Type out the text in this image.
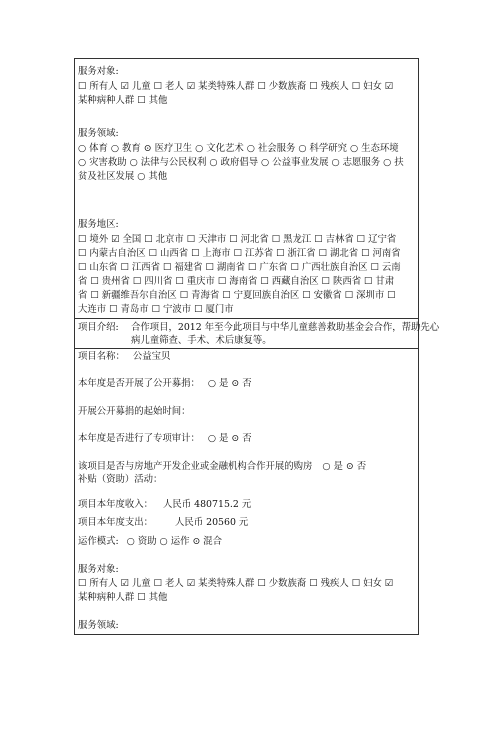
服务对象:
☐ 所有人 ☑ 儿童 ☐ 老人 ☑ 某类特殊人群 ☐ 少数族裔 ☐ 残疾人 ☐ 妇女 ☑
某种病种人群 ☐ 其他
服务领域:
○ 体育 ○ 教育 ⊙ 医疗卫生 ○ 文化艺术 ○ 社会服务 ○ 科学研究 ○ 生态环境
○ 灾害救助 ○ 法律与公民权利 ○ 政府倡导 ○ 公益事业发展 ○ 志愿服务 ○ 扶
贫及社区发展 ○ 其他
服务地区:
☐ 境外 ☑ 全国 ☐ 北京市 ☐ 天津市 ☐ 河北省 ☐ 黑龙江 ☐ 吉林省 ☐ 辽宁省
☐ 内蒙古自治区 ☐ 山西省 ☐ 上海市 ☐ 江苏省 ☐ 浙江省 ☐ 湖北省 ☐ 河南省
☐ 山东省 ☐ 江西省 ☐ 福建省 ☐ 湖南省 ☐ 广东省 ☐ 广西壮族自治区 ☐ 云南
省 ☐ 贵州省 ☐ 四川省 ☐ 重庆市 ☐ 海南省 ☐ 西藏自治区 ☐ 陕西省 ☐ 甘肃
省 ☐ 新疆维吾尔自治区 ☐ 青海省 ☐ 宁夏回族自治区 ☐ 安徽省 ☐ 深圳市 ☐
大连市 ☐ 青岛市 ☐ 宁波市 ☐ 厦门市
项目介绍: 合作项目，2012 年至今此项目与中华儿童慈善救助基金会合作，帮助先心
病儿童筛查、手术、术后康复等。
项目名称： 公益宝贝
本年度是否开展了公开募捐： ○ 是 ⊙ 否
开展公开募捐的起始时间：
本年度是否进行了专项审计： ○ 是 ⊙ 否
该项目是否与房地产开发企业或金融机构合作开展的购房 ○ 是 ⊙ 否
补贴（资助）活动：
项目本年度收入： 人民币 480715.2 元
项目本年度支出： 人民币 20560 元
运作模式: ○ 资助 ○ 运作 ⊙ 混合
服务对象:
☐ 所有人 ☑ 儿童 ☐ 老人 ☑ 某类特殊人群 ☐ 少数族裔 ☐ 残疾人 ☐ 妇女 ☑
某种病种人群 ☐ 其他
服务领域:
